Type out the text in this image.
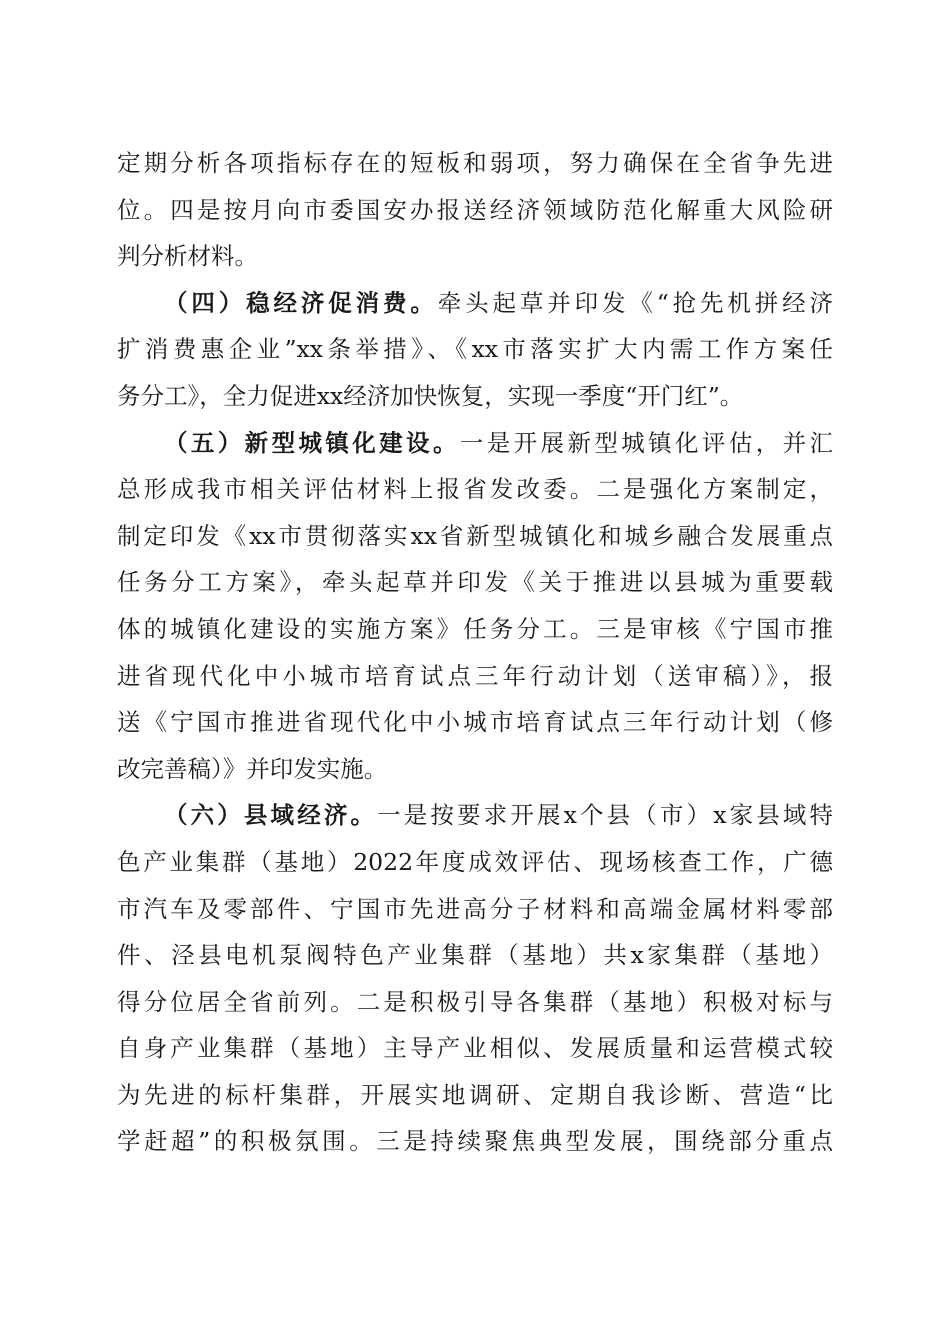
定期分析各项指标存在的短板和弱项，努力确保在全省争先进
位。四是按月向市委国安办报送经济领域防范化解重大风险研
判分析材料。
（四）稳经济促消费。牵头起草并印发《“抢先机拼经济
扩消费惠企业”xx条举措》、《xx市落实扩大内需工作方案任
务分工》，全力促进xx经济加快恢复，实现一季度“开门红”。
（五）新型城镇化建设。一是开展新型城镇化评估，并汇
总形成我市相关评估材料上报省发改委。二是强化方案制定，
制定印发《xx市贯彻落实xx省新型城镇化和城乡融合发展重点
任务分工方案》，牵头起草并印发《关于推进以县城为重要载
体的城镇化建设的实施方案》任务分工。三是审核《宁国市推
进省现代化中小城市培育试点三年行动计划（送审稿）》，报
送《宁国市推进省现代化中小城市培育试点三年行动计划（修
改完善稿）》并印发实施。
（六）县域经济。一是按要求开展x个县（市）x家县域特
色产业集群（基地）2022年度成效评估、现场核查工作，广德
市汽车及零部件、宁国市先进高分子材料和高端金属材料零部
件、泾县电机泵阀特色产业集群（基地）共x家集群（基地）
得分位居全省前列。二是积极引导各集群（基地）积极对标与
自身产业集群（基地）主导产业相似、发展质量和运营模式较
为先进的标杆集群，开展实地调研、定期自我诊断、营造“比
学赶超”的积极氛围。三是持续聚焦典型发展，围绕部分重点
